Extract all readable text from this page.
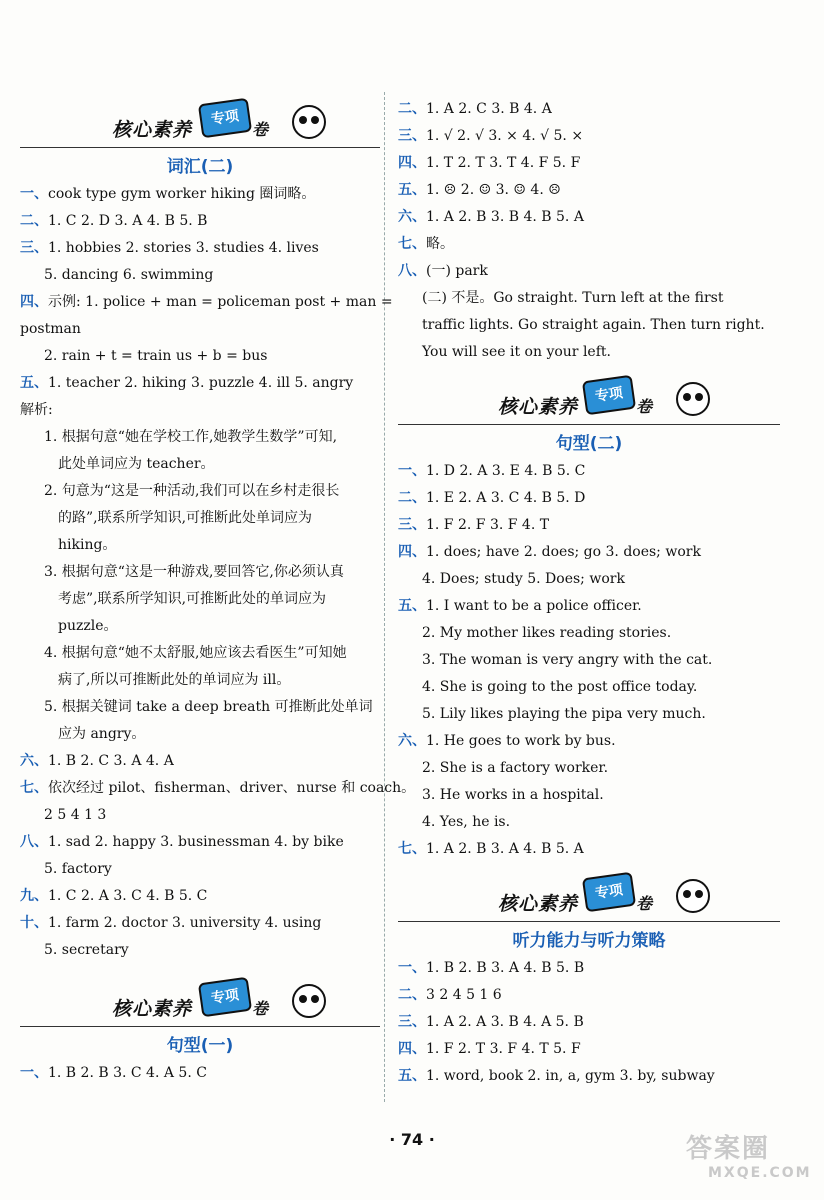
核心素养
专项
卷
词汇(二)
一、cook type gym worker hiking 圈词略。
二、1. C 2. D 3. A 4. B 5. B
三、1. hobbies 2. stories 3. studies 4. lives
5. dancing 6. swimming
四、示例: 1. police + man = policeman post + man =
postman
2. rain + t = train us + b = bus
五、1. teacher 2. hiking 3. puzzle 4. ill 5. angry
解析:
1. 根据句意“她在学校工作,她教学生数学”可知,
此处单词应为 teacher。
2. 句意为“这是一种活动,我们可以在乡村走很长
的路”,联系所学知识,可推断此处单词应为
hiking。
3. 根据句意“这是一种游戏,要回答它,你必须认真
考虑”,联系所学知识,可推断此处的单词应为
puzzle。
4. 根据句意“她不太舒服,她应该去看医生”可知她
病了,所以可推断此处的单词应为 ill。
5. 根据关键词 take a deep breath 可推断此处单词
应为 angry。
六、1. B 2. C 3. A 4. A
七、依次经过 pilot、fisherman、driver、nurse 和 coach。
2 5 4 1 3
八、1. sad 2. happy 3. businessman 4. by bike
5. factory
九、1. C 2. A 3. C 4. B 5. C
十、1. farm 2. doctor 3. university 4. using
5. secretary
核心素养
专项
卷
句型(一)
一、1. B 2. B 3. C 4. A 5. C
二、1. A 2. C 3. B 4. A
三、1. √ 2. √ 3. × 4. √ 5. ×
四、1. T 2. T 3. T 4. F 5. F
五、1. ☹ 2. ☺ 3. ☺ 4. ☹
六、1. A 2. B 3. B 4. B 5. A
七、略。
八、(一) park
(二) 不是。Go straight. Turn left at the first
traffic lights. Go straight again. Then turn right.
You will see it on your left.
核心素养
专项
卷
句型(二)
一、1. D 2. A 3. E 4. B 5. C
二、1. E 2. A 3. C 4. B 5. D
三、1. F 2. F 3. F 4. T
四、1. does; have 2. does; go 3. does; work
4. Does; study 5. Does; work
五、1. I want to be a police officer.
2. My mother likes reading stories.
3. The woman is very angry with the cat.
4. She is going to the post office today.
5. Lily likes playing the pipa very much.
六、1. He goes to work by bus.
2. She is a factory worker.
3. He works in a hospital.
4. Yes, he is.
七、1. A 2. B 3. A 4. B 5. A
核心素养
专项
卷
听力能力与听力策略
一、1. B 2. B 3. A 4. B 5. B
二、3 2 4 5 1 6
三、1. A 2. A 3. B 4. A 5. B
四、1. F 2. T 3. F 4. T 5. F
五、1. word, book 2. in, a, gym 3. by, subway
· 74 ·	答案圈
MXQE.COM
